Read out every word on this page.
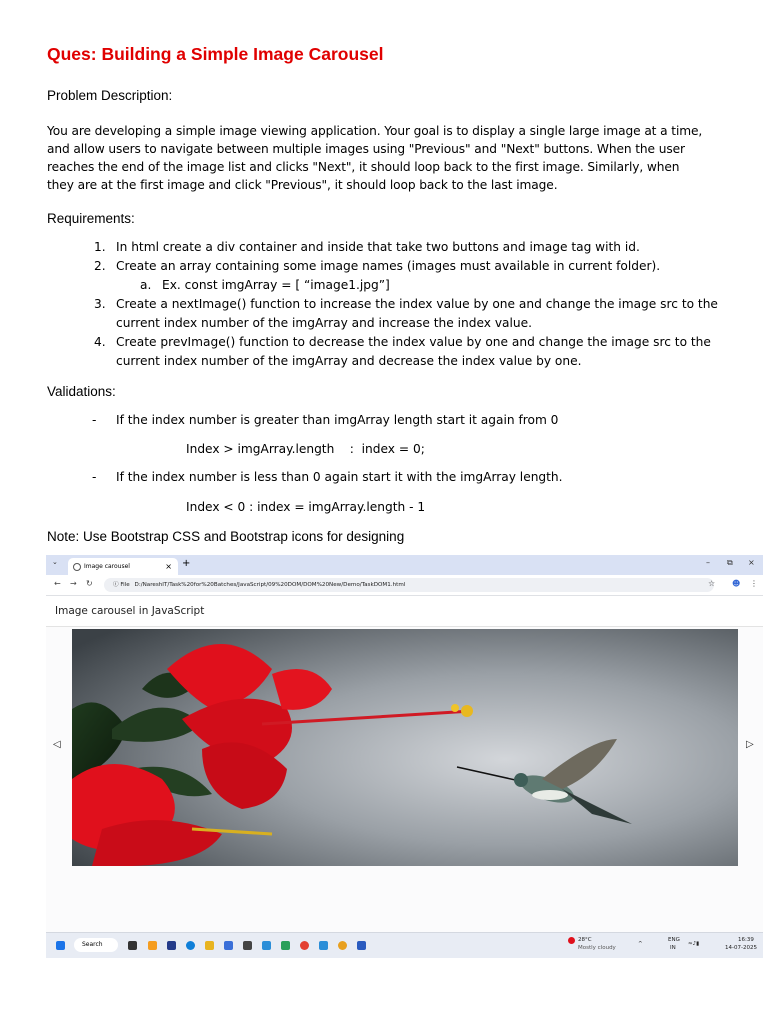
Ques: Building a Simple Image Carousel
Problem Description:
You are developing a simple image viewing application. Your goal is to display a single large image at a time,
and allow users to navigate between multiple images using "Previous" and "Next" buttons. When the user
reaches the end of the image list and clicks "Next", it should loop back to the first image. Similarly, when
they are at the first image and click "Previous", it should loop back to the last image.
Requirements:
1. In html create a div container and inside that take two buttons and image tag with id.
2. Create an array containing some image names (images must available in current folder).
a. Ex. const imgArray = [ “image1.jpg”]
3. Create a nextImage() function to increase the index value by one and change the image src to the
current index number of the imgArray and increase the index value.
4. Create prevImage() function to decrease the index value by one and change the image src to the
current index number of the imgArray and decrease the index value by one.
Validations:
- If the index number is greater than imgArray length start it again from 0
Index > imgArray.length    :  index = 0;
- If the index number is less than 0 again start it with the imgArray length.
Index < 0 : index = imgArray.length - 1
Note: Use Bootstrap CSS and Bootstrap icons for designing
⌄
Image carousel	× +	– ⧉ ×
← → ↻	ⓘ File D:/NareshIT/Task%20for%20Batches/JavaScript/09%20DOM/DOM%20New/Demo/TaskDOM1.html	☆ ☻ ⋮
Image carousel in JavaScript
◁	▷
Search
28°C
Mostly cloudy
^
ENG
IN
≈♪▮
16:39
14-07-2025
